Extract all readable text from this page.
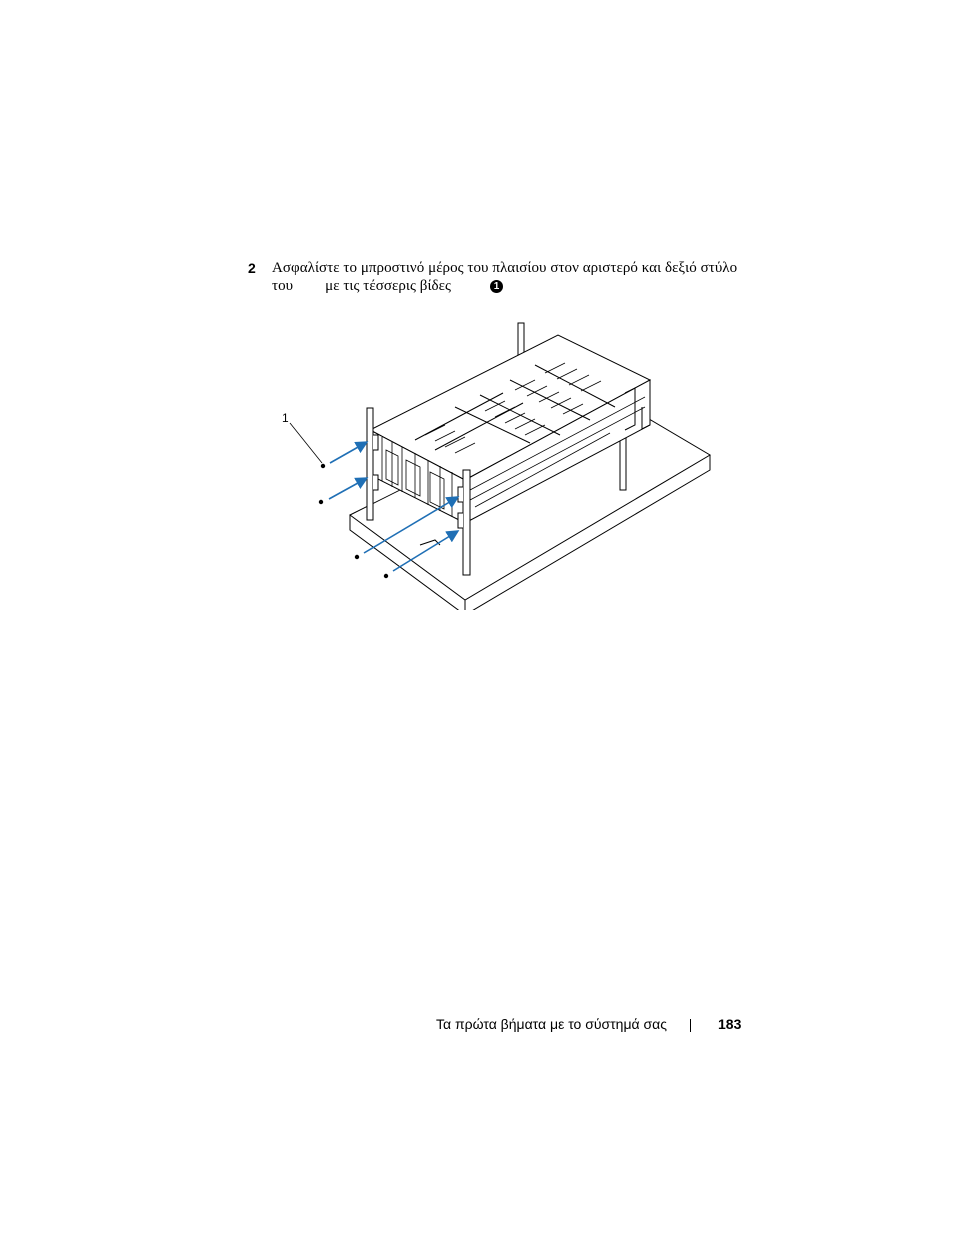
2 Ασφαλίστε το μπροστινό μέρος του πλαισίου στον αριστερό και δεξιό στύλο
του με τις τέσσερις βίδες	1
1
Τα πρώτα βήματα με το σύστημά σας	183
